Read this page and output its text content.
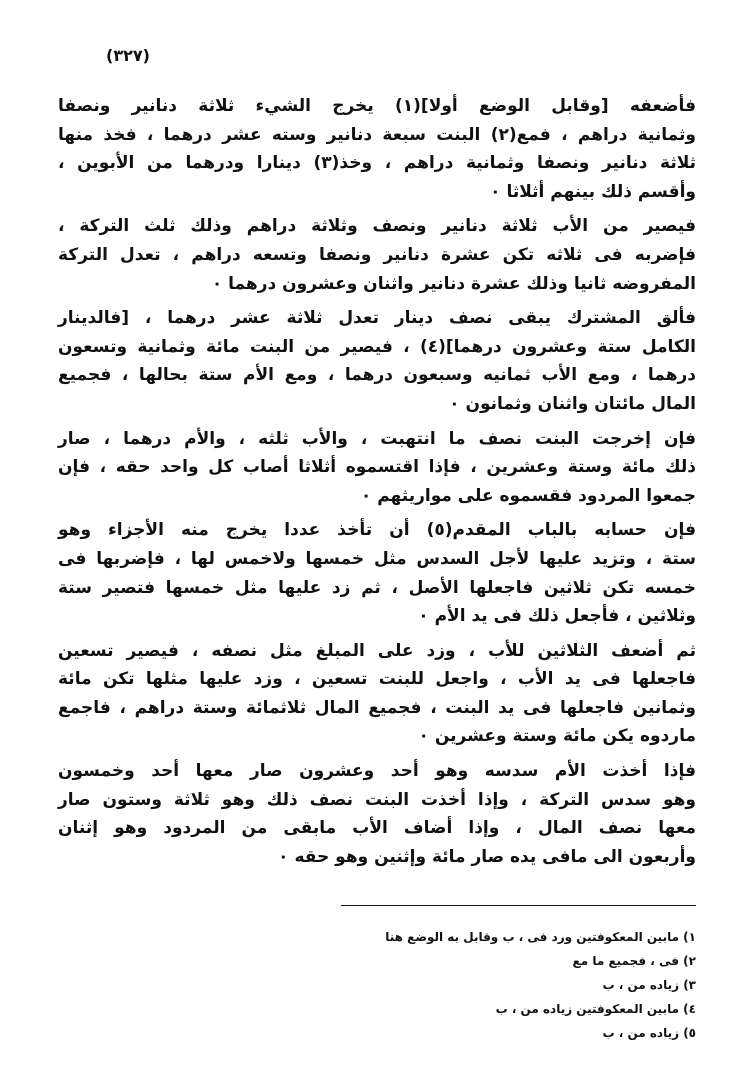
(٣٢٧)

فأضعفه [وقابل الوضع أولا](١) يخرج الشيء ثلاثة دنانير ونصفا
وثمانية دراهم ، فمع(٢) البنت سبعة دنانير وسته عشر درهما ، فخذ منها
ثلاثة دنانير ونصفا وثمانية دراهم ، وخذ(٣) دينارا ودرهما من الأبوين ،
وأقسم ذلك بينهم أثلاثا ٠

فيصير من الأب ثلاثة دنانير ونصف وثلاثة دراهم وذلك ثلث التركة ،
فإضربه فى ثلاثه تكن عشرة دنانير ونصفا وتسعه دراهم ، تعدل التركة
المفروضه ثانيا وذلك عشرة دنانير واثنان وعشرون درهما ٠

فألق المشترك يبقى نصف دينار تعدل ثلاثة عشر درهما ، [فالدينار
الكامل ستة وعشرون درهما](٤) ، فيصير من البنت مائة وثمانية وتسعون
درهما ، ومع الأب ثمانيه وسبعون درهما ، ومع الأم ستة بحالها ، فجميع
المال مائتان واثنان وثمانون ٠

فإن إخرجت البنت نصف ما انتهبت ، والأب ثلثه ، والأم درهما ، صار
ذلك مائة وستة وعشرين ، فإذا اقتسموه أثلاثا أصاب كل واحد حقه ، فإن
جمعوا المردود فقسموه على مواريثهم ٠

فإن حسابه بالباب المقدم(٥) أن تأخذ عددا يخرج منه الأجزاء وهو
ستة ، وتزيد عليها لأجل السدس مثل خمسها ولاخمس لها ، فإضربها فى
خمسه تكن ثلاثين فاجعلها الأصل ، ثم زد عليها مثل خمسها فتصير ستة
وثلاثين ، فأجعل ذلك فى يد الأم ٠

ثم أضعف الثلاثين للأب ، وزد على المبلغ مثل نصفه ، فيصير تسعين
فاجعلها فى يد الأب ، واجعل للبنت تسعين ، وزد عليها مثلها تكن مائة
وثمانين فاجعلها فى يد البنت ، فجميع المال ثلاثمائة وستة دراهم ، فاجمع
ماردوه يكن مائة وستة وعشرين ٠

فإذا أخذت الأم سدسه وهو أحد وعشرون صار معها أحد وخمسون
وهو سدس التركة ، وإذا أخذت البنت نصف ذلك وهو ثلاثة وستون صار
معها نصف المال ، وإذا أضاف الأب مابقى من المردود وهو إثنان
وأربعون الى مافى يده صار مائة وإثنين وهو حقه ٠

١) مابين المعكوفتين ورد فى ، ب وقابل به الوضع هنا
٢) فى ، فجميع ما مع
٣) زياده من ، ب
٤) مابين المعكوفتين زياده من ، ب
٥) زياده من ، ب
